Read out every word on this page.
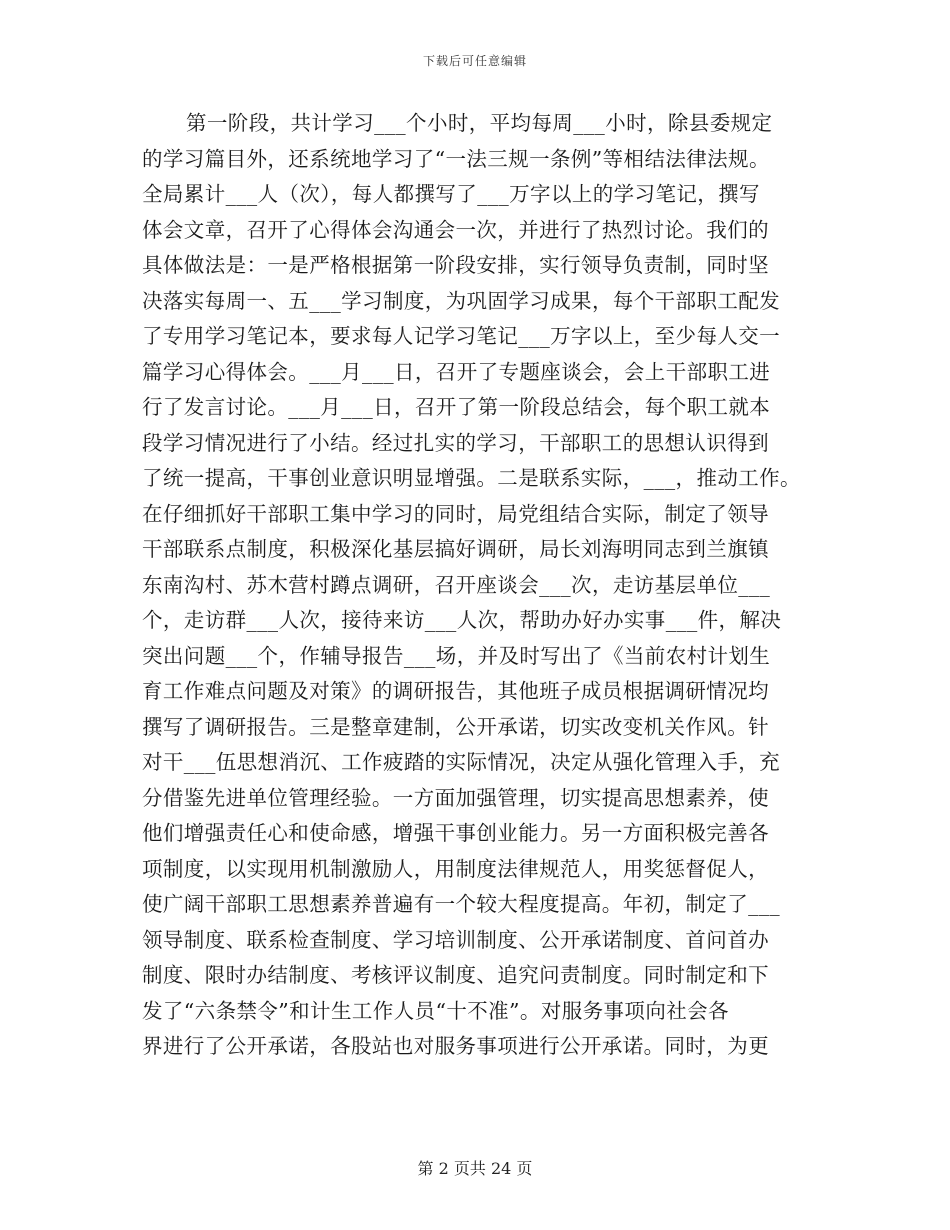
下载后可任意编辑
第一阶段，共计学习___个小时，平均每周___小时，除县委规定
的学习篇目外，还系统地学习了“一法三规一条例”等相结法律法规。
全局累计___人（次），每人都撰写了___万字以上的学习笔记，撰写
体会文章，召开了心得体会沟通会一次，并进行了热烈讨论。我们的
具体做法是：一是严格根据第一阶段安排，实行领导负责制，同时坚
决落实每周一、五___学习制度，为巩固学习成果，每个干部职工配发
了专用学习笔记本，要求每人记学习笔记___万字以上，至少每人交一
篇学习心得体会。___月___日，召开了专题座谈会，会上干部职工进
行了发言讨论。___月___日，召开了第一阶段总结会，每个职工就本
段学习情况进行了小结。经过扎实的学习，干部职工的思想认识得到
了统一提高，干事创业意识明显增强。二是联系实际，___，推动工作。
在仔细抓好干部职工集中学习的同时，局党组结合实际，制定了领导
干部联系点制度，积极深化基层搞好调研，局长刘海明同志到兰旗镇
东南沟村、苏木营村蹲点调研，召开座谈会___次，走访基层单位___
个，走访群___人次，接待来访___人次，帮助办好办实事___件，解决
突出问题___个，作辅导报告___场，并及时写出了《当前农村计划生
育工作难点问题及对策》的调研报告，其他班子成员根据调研情况均
撰写了调研报告。三是整章建制，公开承诺，切实改变机关作风。针
对干___伍思想消沉、工作疲踏的实际情况，决定从强化管理入手，充
分借鉴先进单位管理经验。一方面加强管理，切实提高思想素养，使
他们增强责任心和使命感，增强干事创业能力。另一方面积极完善各
项制度，以实现用机制激励人，用制度法律规范人，用奖惩督促人，
使广阔干部职工思想素养普遍有一个较大程度提高。年初，制定了___
领导制度、联系检查制度、学习培训制度、公开承诺制度、首问首办
制度、限时办结制度、考核评议制度、追究问责制度。同时制定和下
发了“六条禁令”和计生工作人员“十不准”。对服务事项向社会各
界进行了公开承诺，各股站也对服务事项进行公开承诺。同时，为更
第 2 页共 24 页
